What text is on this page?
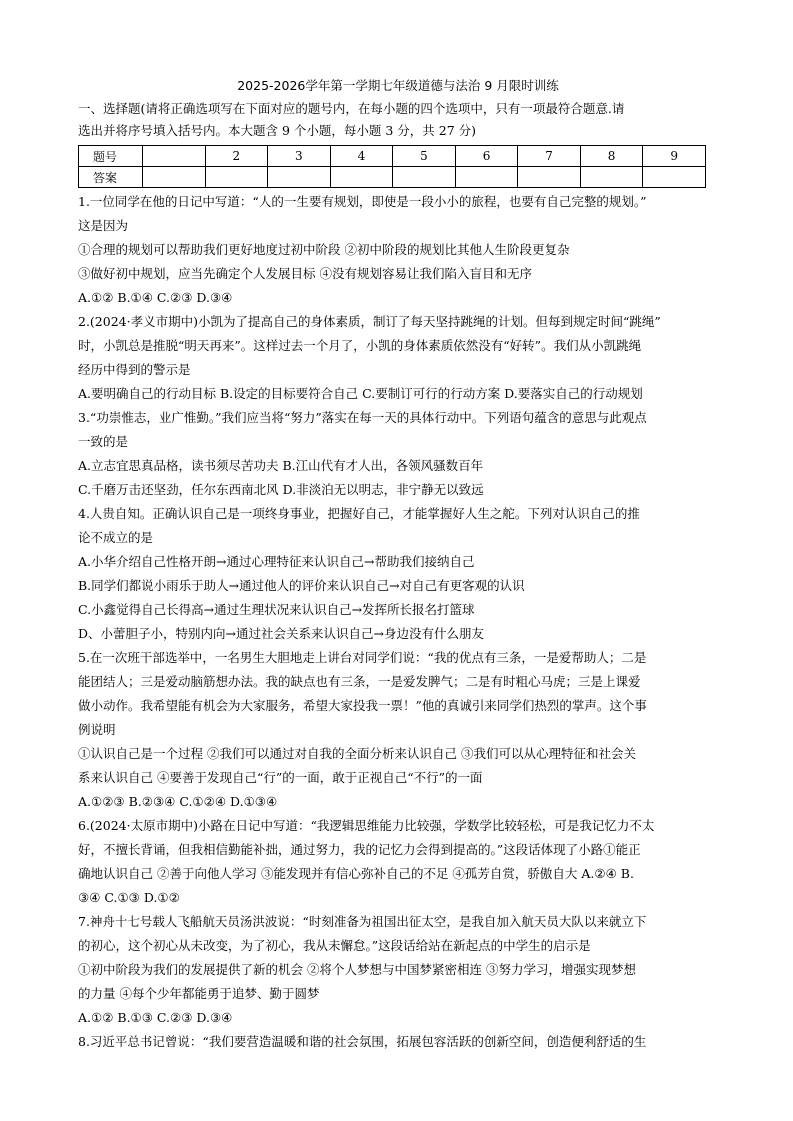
2025-2026学年第一学期七年级道德与法治 9 月限时训练

一、选择题(请将正确选项写在下面对应的题号内，在每小题的四个选项中，只有一项最符合题意.请

选出并将序号填入括号内。本大题含 9 个小题，每小题 3 分，共 27 分)

题号		2	3	4	5	6	7	8	9
答案									

1.一位同学在他的日记中写道：“人的一生要有规划，即使是一段小小的旅程，也要有自己完整的规划。”

这是因为

①合理的规划可以帮助我们更好地度过初中阶段 ②初中阶段的规划比其他人生阶段更复杂

③做好初中规划，应当先确定个人发展目标 ④没有规划容易让我们陷入盲目和无序

A.①② B.①④ C.②③ D.③④

2.(2024·孝义市期中)小凯为了提高自己的身体素质，制订了每天坚持跳绳的计划。但每到规定时间“跳绳”

时，小凯总是推脱“明天再来”。这样过去一个月了，小凯的身体素质依然没有“好转”。我们从小凯跳绳

经历中得到的警示是

A.要明确自己的行动目标 B.设定的目标要符合自己 C.要制订可行的行动方案 D.要落实自己的行动规划

3.“功崇惟志，业广惟勤。”我们应当将“努力”落实在每一天的具体行动中。下列语句蕴含的意思与此观点

一致的是

A.立志宜思真品格，读书须尽苦功夫 B.江山代有才人出，各领风骚数百年

C.千磨万击还坚劲，任尔东西南北风 D.非淡泊无以明志，非宁静无以致远

4.人贵自知。正确认识自己是一项终身事业，把握好自己，才能掌握好人生之舵。下列对认识自己的推

论不成立的是

A.小华介绍自己性格开朗→通过心理特征来认识自己→帮助我们接纳自己

B.同学们都说小雨乐于助人→通过他人的评价来认识自己→对自己有更客观的认识

C.小鑫觉得自己长得高→通过生理状况来认识自己→发挥所长报名打篮球

D、小蕾胆子小，特别内向→通过社会关系来认识自己→身边没有什么朋友

5.在一次班干部选举中，一名男生大胆地走上讲台对同学们说：“我的优点有三条，一是爱帮助人；二是

能团结人；三是爱动脑筋想办法。我的缺点也有三条，一是爱发脾气；二是有时粗心马虎；三是上课爱

做小动作。我希望能有机会为大家服务，希望大家投我一票！”他的真诚引来同学们热烈的掌声。这个事

例说明

①认识自己是一个过程 ②我们可以通过对自我的全面分析来认识自己 ③我们可以从心理特征和社会关

系来认识自己 ④要善于发现自己“行”的一面，敢于正视自己“不行”的一面

A.①②③ B.②③④ C.①②④ D.①③④

6.(2024·太原市期中)小路在日记中写道：“我逻辑思维能力比较强，学数学比较轻松，可是我记忆力不太

好，不擅长背诵，但我相信勤能补拙，通过努力，我的记忆力会得到提高的。”这段话体现了小路①能正

确地认识自己 ②善于向他人学习 ③能发现并有信心弥补自己的不足 ④孤芳自赏，骄傲自大 A.②④ B.

③④ C.①③ D.①②

7.神舟十七号载人飞船航天员汤洪波说：“时刻准备为祖国出征太空，是我自加入航天员大队以来就立下

的初心，这个初心从未改变，为了初心，我从未懈怠。”这段话给站在新起点的中学生的启示是

①初中阶段为我们的发展提供了新的机会 ②将个人梦想与中国梦紧密相连 ③努力学习，增强实现梦想

的力量 ④每个少年都能勇于追梦、勤于圆梦

A.①② B.①③ C.②③ D.③④

8.习近平总书记曾说：“我们要营造温暖和谐的社会氛围，拓展包容活跃的创新空间，创造便利舒适的生
